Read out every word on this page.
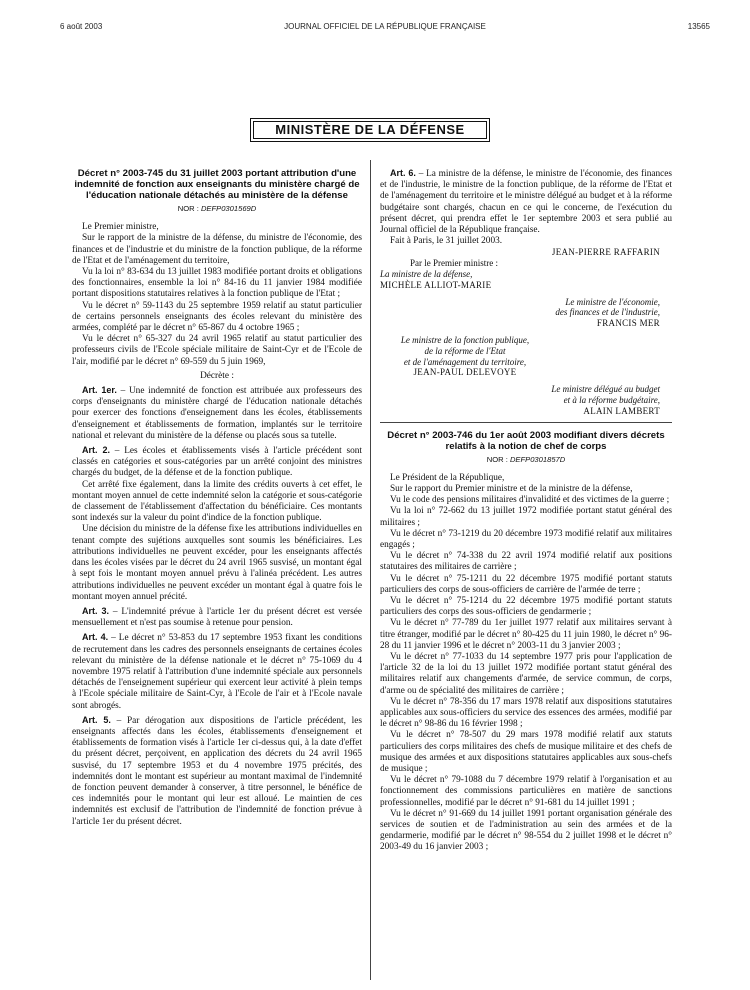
6 août 2003	JOURNAL OFFICIEL DE LA RÉPUBLIQUE FRANÇAISE	13565
MINISTÈRE DE LA DÉFENSE
Décret n° 2003-745 du 31 juillet 2003 portant attribution d'une indemnité de fonction aux enseignants du ministère chargé de l'éducation nationale détachés au ministère de la défense
NOR : DEFP0301569D

Le Premier ministre,

Sur le rapport de la ministre de la défense, du ministre de l'économie, des finances et de l'industrie et du ministre de la fonction publique, de la réforme de l'Etat et de l'aménagement du territoire,

Vu la loi n° 83-634 du 13 juillet 1983 modifiée portant droits et obligations des fonctionnaires, ensemble la loi n° 84-16 du 11 janvier 1984 modifiée portant dispositions statutaires relatives à la fonction publique de l'Etat ;

Vu le décret n° 59-1143 du 25 septembre 1959 relatif au statut particulier de certains personnels enseignants des écoles relevant du ministère des armées, complété par le décret n° 65-867 du 4 octobre 1965 ;

Vu le décret n° 65-327 du 24 avril 1965 relatif au statut particulier des professeurs civils de l'Ecole spéciale militaire de Saint-Cyr et de l'Ecole de l'air, modifié par le décret n° 69-559 du 5 juin 1969,

Décrète :

Art. 1er. – Une indemnité de fonction est attribuée aux professeurs des corps d'enseignants du ministère chargé de l'éducation nationale détachés pour exercer des fonctions d'enseignement dans les écoles, établissements d'enseignement et établissements de formation, implantés sur le territoire national et relevant du ministère de la défense ou placés sous sa tutelle.

Art. 2. – Les écoles et établissements visés à l'article précédent sont classés en catégories et sous-catégories par un arrêté conjoint des ministres chargés du budget, de la défense et de la fonction publique.

Cet arrêté fixe également, dans la limite des crédits ouverts à cet effet, le montant moyen annuel de cette indemnité selon la catégorie et sous-catégorie de classement de l'établissement d'affectation du bénéficiaire. Ces montants sont indexés sur la valeur du point d'indice de la fonction publique.

Une décision du ministre de la défense fixe les attributions individuelles en tenant compte des sujétions auxquelles sont soumis les bénéficiaires. Les attributions individuelles ne peuvent excéder, pour les enseignants affectés dans les écoles visées par le décret du 24 avril 1965 susvisé, un montant égal à sept fois le montant moyen annuel prévu à l'alinéa précédent. Les autres attributions individuelles ne peuvent excéder un montant égal à quatre fois le montant moyen annuel précité.

Art. 3. – L'indemnité prévue à l'article 1er du présent décret est versée mensuellement et n'est pas soumise à retenue pour pension.

Art. 4. – Le décret n° 53-853 du 17 septembre 1953 fixant les conditions de recrutement dans les cadres des personnels enseignants de certaines écoles relevant du ministère de la défense nationale et le décret n° 75-1069 du 4 novembre 1975 relatif à l'attribution d'une indemnité spéciale aux personnels détachés de l'enseignement supérieur qui exercent leur activité à plein temps à l'Ecole spéciale militaire de Saint-Cyr, à l'Ecole de l'air et à l'Ecole navale sont abrogés.

Art. 5. – Par dérogation aux dispositions de l'article précédent, les enseignants affectés dans les écoles, établissements d'enseignement et établissements de formation visés à l'article 1er ci-dessus qui, à la date d'effet du présent décret, perçoivent, en application des décrets du 24 avril 1965 susvisé, du 17 septembre 1953 et du 4 novembre 1975 précités, des indemnités dont le montant est supérieur au montant maximal de l'indemnité de fonction peuvent demander à conserver, à titre personnel, le bénéfice de ces indemnités pour le montant qui leur est alloué. Le maintien de ces indemnités est exclusif de l'attribution de l'indemnité de fonction prévue à l'article 1er du présent décret.

Art. 6. – La ministre de la défense, le ministre de l'économie, des finances et de l'industrie, le ministre de la fonction publique, de la réforme de l'Etat et de l'aménagement du territoire et le ministre délégué au budget et à la réforme budgétaire sont chargés, chacun en ce qui le concerne, de l'exécution du présent décret, qui prendra effet le 1er septembre 2003 et sera publié au Journal officiel de la République française.

Fait à Paris, le 31 juillet 2003.

JEAN-PIERRE RAFFARIN
Par le Premier ministre :
La ministre de la défense,
MICHÈLE ALLIOT-MARIE
Le ministre de l'économie,
des finances et de l'industrie,
FRANCIS MER
Le ministre de la fonction publique,
de la réforme de l'Etat
et de l'aménagement du territoire,
JEAN-PAUL DELEVOYE
Le ministre délégué au budget
et à la réforme budgétaire,
ALAIN LAMBERT
Décret n° 2003-746 du 1er août 2003 modifiant divers décrets relatifs à la notion de chef de corps
NOR : DEFP0301857D

Le Président de la République,

Sur le rapport du Premier ministre et de la ministre de la défense,

Vu le code des pensions militaires d'invalidité et des victimes de la guerre ;

Vu la loi n° 72-662 du 13 juillet 1972 modifiée portant statut général des militaires ;

Vu le décret n° 73-1219 du 20 décembre 1973 modifié relatif aux militaires engagés ;

Vu le décret n° 74-338 du 22 avril 1974 modifié relatif aux positions statutaires des militaires de carrière ;

Vu le décret n° 75-1211 du 22 décembre 1975 modifié portant statuts particuliers des corps de sous-officiers de carrière de l'armée de terre ;

Vu le décret n° 75-1214 du 22 décembre 1975 modifié portant statuts particuliers des corps des sous-officiers de gendarmerie ;

Vu le décret n° 77-789 du 1er juillet 1977 relatif aux militaires servant à titre étranger, modifié par le décret n° 80-425 du 11 juin 1980, le décret n° 96-28 du 11 janvier 1996 et le décret n° 2003-11 du 3 janvier 2003 ;

Vu le décret n° 77-1033 du 14 septembre 1977 pris pour l'application de l'article 32 de la loi du 13 juillet 1972 modifiée portant statut général des militaires relatif aux changements d'armée, de service commun, de corps, d'arme ou de spécialité des militaires de carrière ;

Vu le décret n° 78-356 du 17 mars 1978 relatif aux dispositions statutaires applicables aux sous-officiers du service des essences des armées, modifié par le décret n° 98-86 du 16 février 1998 ;

Vu le décret n° 78-507 du 29 mars 1978 modifié relatif aux statuts particuliers des corps militaires des chefs de musique militaire et des chefs de musique des armées et aux dispositions statutaires applicables aux sous-chefs de musique ;

Vu le décret n° 79-1088 du 7 décembre 1979 relatif à l'organisation et au fonctionnement des commissions particulières en matière de sanctions professionnelles, modifié par le décret n° 91-681 du 14 juillet 1991 ;

Vu le décret n° 91-669 du 14 juillet 1991 portant organisation générale des services de soutien et de l'administration au sein des armées et de la gendarmerie, modifié par le décret n° 98-554 du 2 juillet 1998 et le décret n° 2003-49 du 16 janvier 2003 ;
